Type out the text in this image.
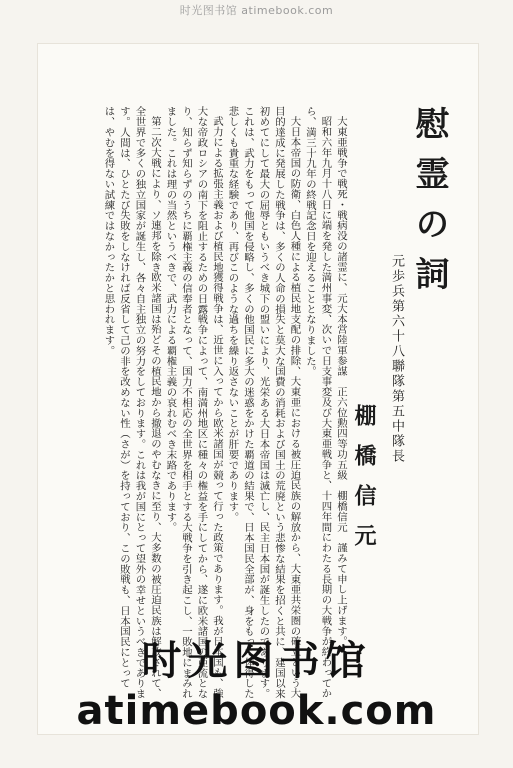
时光图书馆 atimebook.com
慰霊の詞
元歩兵第六十八聯隊第五中隊長
棚橋信元

大東亜戦争で戦死・戦病没の諸霊に、元大本営陸軍参謀　正六位勲四等功五級　棚橋信元　謹みて申し上げます。

昭和六年九月十八日に端を発した満州事変、次いで日支事変及び大東亜戦争と、十四年間にわたる長期の大戦争が終わってから、満三十九年の終戦記念日を迎えることとなりました。

大日本帝国の防衛、白色人種による植民地支配の排除、大東亜における被圧迫民族の解放から、大東亜共栄圏の確立という大目的達成に発展した戦争は、多くの人命の損失と莫大な国費の消耗および国土の荒廃という悲惨な結果を招くと共に、建国以来初めてにして最大の屈辱ともいうべき城下の盟いにより、光栄ある大日本帝国は滅亡し、民主日本国が誕生したのであります。これは、武力をもって他国を侵略し、多くの他国民に多大の迷惑をかけた覇道の結果で、日本国民全部が、身をもって体得した悲しくも貴重な経験であり、再びこのような過ちを繰り返さないことが肝要であります。

武力による拡張主義および植民地獲得戦争は、近世に入ってから欧米諸国が競って行った政策であります。我が日本国も、強大な帝政ロシアの南下を阻止するための日露戦争によって、南満州地区に種々の権益を手にしてから、遂に欧米諸国の亜流となり、知らず知らずのうちに覇権主義の信奉者となって、国力不相応の全世界を相手とする大戦争を引き起こし、一敗地にまみれました。これは理の当然というべきで、武力による覇権主義の哀れむべき末路であります。

第二次大戦により、ソ連邦を除き欧米諸国は殆どその植民地から撤退のやむなきに至り、大多数の被圧迫民族は解放されて、全世界で多くの独立国家が誕生し、各々自主独立の努力をしております。これは我が国にとって望外の幸せというべきであります。人間は、ひとたび失敗をしなければ反省して己の非を改めない性（さが）を持っており、この敗戦も、日本国民にとっては、やむを得ない試練ではなかったかと思われます。

时光图书馆
atimebook.com
